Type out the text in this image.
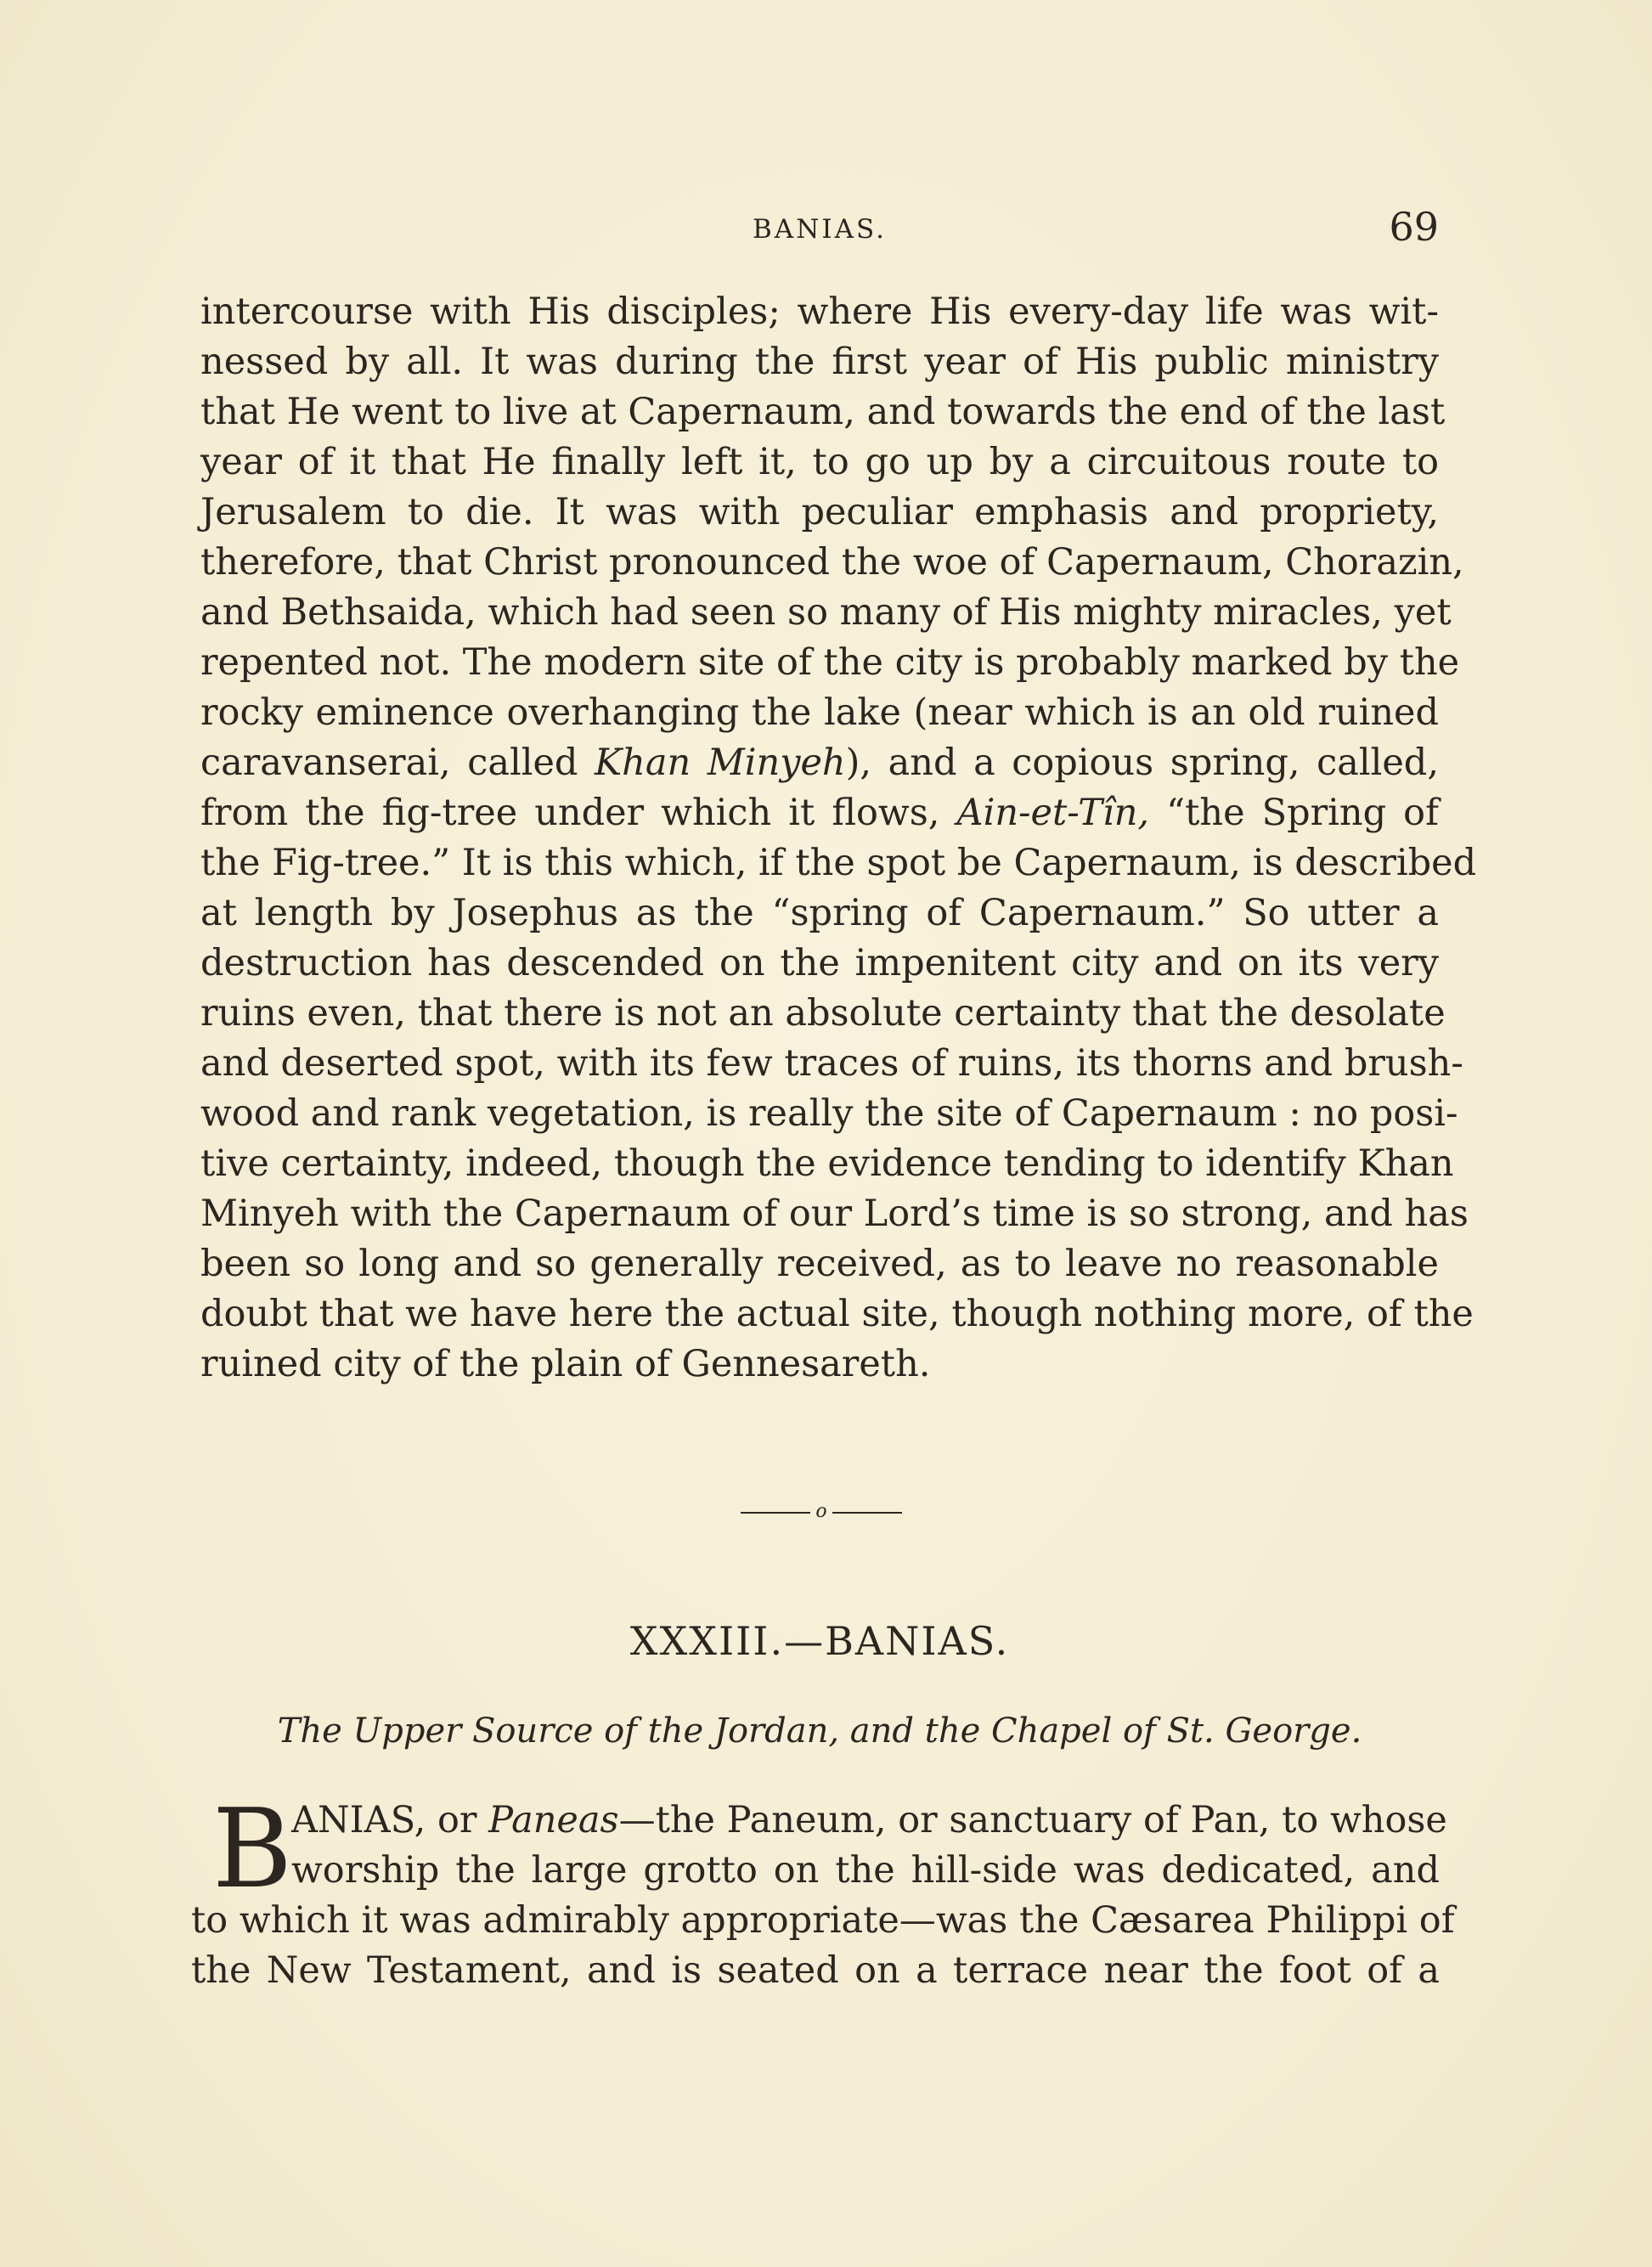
BANIAS.	69
intercourse with His disciples; where His every-day life was wit-
nessed by all. It was during the first year of His public ministry
that He went to live at Capernaum, and towards the end of the last
year of it that He finally left it, to go up by a circuitous route to
Jerusalem to die. It was with peculiar emphasis and propriety,
therefore, that Christ pronounced the woe of Capernaum, Chorazin,
and Bethsaida, which had seen so many of His mighty miracles, yet
repented not. The modern site of the city is probably marked by the
rocky eminence overhanging the lake (near which is an old ruined
caravanserai, called Khan Minyeh), and a copious spring, called,
from the fig-tree under which it flows, Ain-et-Tîn, “the Spring of
the Fig-tree.” It is this which, if the spot be Capernaum, is described
at length by Josephus as the “spring of Capernaum.” So utter a
destruction has descended on the impenitent city and on its very
ruins even, that there is not an absolute certainty that the desolate
and deserted spot, with its few traces of ruins, its thorns and brush-
wood and rank vegetation, is really the site of Capernaum : no posi-
tive certainty, indeed, though the evidence tending to identify Khan
Minyeh with the Capernaum of our Lord’s time is so strong, and has
been so long and so generally received, as to leave no reasonable
doubt that we have here the actual site, though nothing more, of the
ruined city of the plain of Gennesareth.
o
XXXIII.—BANIAS.
The Upper Source of the Jordan, and the Chapel of St. George.
B
ANIAS, or Paneas—the Paneum, or sanctuary of Pan, to whose
worship the large grotto on the hill-side was dedicated, and
to which it was admirably appropriate—was the Cæsarea Philippi of
the New Testament, and is seated on a terrace near the foot of a
